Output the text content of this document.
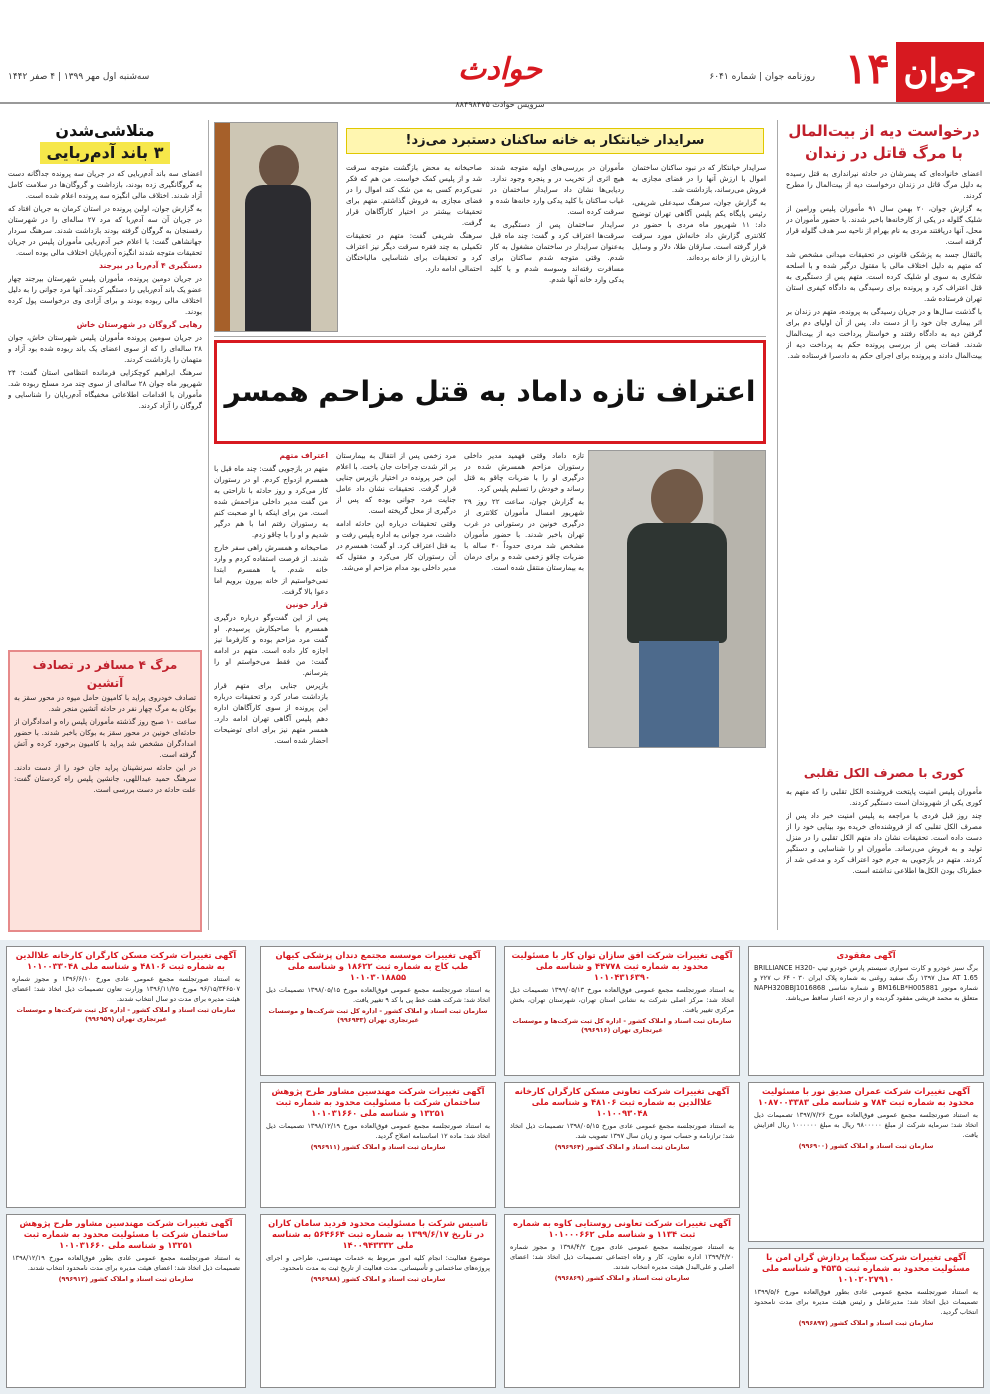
جوان
۱۴
روزنامه جوان | شماره ۶۰۴۱
حوادث
سرویس حوادث ۸۸۴۹۸۴۷۵
سه‌شنبه اول مهر ۱۳۹۹ | ۴ صفر ۱۴۴۲
درخواست دیه از بیت‌المال با مرگ قاتل در زندان

اعضای خانواده‌ای که پسرشان در حادثه نیرانداری به قتل رسیده به دلیل مرگ قاتل در زندان درخواست دیه از بیت‌المال را مطرح کردند.

به گزارش جوان، ۲۰ بهمن سال ۹۱ مأموران پلیس ورامین از شلیک گلوله در یکی از کارخانه‌ها باخبر شدند. با حضور مأموران در محل، آنها دریافتند مردی به نام بهرام از ناحیه سر هدف گلوله قرار گرفته است.

بالتقال جسد به پزشکی قانونی در تحقیقات میدانی مشخص شد که متهم به دلیل اختلاف مالی با مقتول درگیر شده و با اسلحه شکاری به سوی او شلیک کرده است. متهم پس از دستگیری به قتل اعتراف کرد و پرونده برای رسیدگی به دادگاه کیفری استان تهران فرستاده شد.

با گذشت سال‌ها و در جریان رسیدگی به پرونده، متهم در زندان بر اثر بیماری جان خود را از دست داد. پس از آن اولیای دم برای گرفتن دیه به دادگاه رفتند و خواستار پرداخت دیه از بیت‌المال شدند. قضات پس از بررسی پرونده حکم به پرداخت دیه از بیت‌المال دادند و پرونده برای اجرای حکم به دادسرا فرستاده شد.

کوری با مصرف الکل تقلبی

مأموران پلیس امنیت پایتخت فروشنده الکل تقلبی را که متهم به کوری یکی از شهروندان است دستگیر کردند.

چند روز قبل فردی با مراجعه به پلیس امنیت خبر داد پس از مصرف الکل تقلبی که از فروشنده‌ای خریده بود بینایی خود را از دست داده است. تحقیقات نشان داد متهم الکل تقلبی را در منزل تولید و به فروش می‌رساند. مأموران او را شناسایی و دستگیر کردند. متهم در بازجویی به جرم خود اعتراف کرد و مدعی شد از خطرناک بودن الکل‌ها اطلاعی نداشته است.

سرایدار خیانتکار به خانه ساکنان دستبرد می‌زد!

سرایدار خیانتکار که در نبود ساکنان ساختمان اموال با ارزش آنها را در فضای مجازی به فروش می‌رساند، بازداشت شد.

به گزارش جوان، سرهنگ سیدعلی شریفی، رئیس پایگاه یکم پلیس آگاهی تهران توضیح داد: ۱۱ شهریور ماه مردی با حضور در کلانتری گزارش داد خانه‌اش مورد سرقت قرار گرفته است. سارقان طلا، دلار و وسایل با ارزش را از خانه برده‌اند.

مأموران در بررسی‌های اولیه متوجه شدند هیچ اثری از تخریب در و پنجره وجود ندارد. ردیابی‌ها نشان داد سرایدار ساختمان در غیاب ساکنان با کلید یدکی وارد خانه‌ها شده و سرقت کرده است.

سرایدار ساختمان پس از دستگیری به سرقت‌ها اعتراف کرد و گفت: چند ماه قبل به‌عنوان سرایدار در ساختمان مشغول به کار شدم. وقتی متوجه شدم ساکنان برای مسافرت رفته‌اند وسوسه شدم و با کلید یدکی وارد خانه آنها شدم.

صاحبخانه به محض بازگشت متوجه سرقت شد و از پلیس کمک خواست. من هم که فکر نمی‌کردم کسی به من شک کند اموال را در فضای مجازی به فروش گذاشتم. متهم برای تحقیقات بیشتر در اختیار کارآگاهان قرار گرفت.

سرهنگ شریفی گفت: متهم در تحقیقات تکمیلی به چند فقره سرقت دیگر نیز اعتراف کرد و تحقیقات برای شناسایی مالباختگان احتمالی ادامه دارد.

اعتراف تازه داماد به قتل مزاحم همسر

تازه داماد وقتی فهمید مدیر داخلی رستوران مزاحم همسرش شده در درگیری او را با ضربات چاقو به قتل رساند و خودش را تسلیم پلیس کرد.

به گزارش جوان، ساعت ۲۲ روز ۲۹ شهریور امسال مأموران کلانتری از درگیری خونین در رستورانی در غرب تهران باخبر شدند. با حضور مأموران مشخص شد مردی حدوداً ۴۰ ساله با ضربات چاقو زخمی شده و برای درمان به بیمارستان منتقل شده است.

مرد زخمی پس از انتقال به بیمارستان بر اثر شدت جراحات جان باخت. با اعلام این خبر پرونده در اختیار بازپرس جنایی قرار گرفت. تحقیقات نشان داد عامل جنایت مرد جوانی بوده که پس از درگیری از محل گریخته است.

وقتی تحقیقات درباره این حادثه ادامه داشت، مرد جوانی به اداره پلیس رفت و به قتل اعتراف کرد. او گفت: همسرم در آن رستوران کار می‌کرد و مقتول که مدیر داخلی بود مدام مزاحم او می‌شد.

اعتراف متهم

متهم در بازجویی گفت: چند ماه قبل با همسرم ازدواج کردم. او در رستوران کار می‌کرد و روز حادثه با ناراحتی به من گفت مدیر داخلی مزاحمش شده است. من برای اینکه با او صحبت کنم به رستوران رفتم اما با هم درگیر شدیم و او را با چاقو زدم.

صاحبخانه و همسرش راهی سفر خارج شدند. از فرصت استفاده کردم و وارد خانه شدم. با همسرم ابتدا نمی‌خواستیم از خانه بیرون برویم اما دعوا بالا گرفت.

قرار خونین

پس از این گفت‌وگو درباره درگیری همسرم با صاحبکارش پرسیدم. او گفت مرد مزاحم بوده و کارفرما نیز اجازه کار داده است. متهم در ادامه گفت: من فقط می‌خواستم او را بترسانم.

بازپرس جنایی برای متهم قرار بازداشت صادر کرد و تحقیقات درباره این پرونده از سوی کارآگاهان اداره دهم پلیس آگاهی تهران ادامه دارد. همسر متهم نیز برای ادای توضیحات احضار شده است.

متلاشی‌شدن
۳ باند آدم‌ربایی

اعضای سه باند آدم‌ربایی که در جریان سه پرونده جداگانه دست به گروگانگیری زده بودند، بازداشت و گروگان‌ها در سلامت کامل آزاد شدند. اختلاف مالی انگیزه سه پرونده اعلام شده است.

به گزارش جوان، اولین پرونده در استان کرمان به جریان افتاد که در جریان آن سه آدم‌ربا که مرد ۲۷ ساله‌ای را در شهرستان رفسنجان به گروگان گرفته بودند بازداشت شدند. سرهنگ سردار جهانشاهی گفت: با اعلام خبر آدم‌ربایی مأموران پلیس در جریان تحقیقات متوجه شدند انگیزه آدم‌ربایان اختلاف مالی بوده است.

دستگیری ۴ آدم‌ربا در بیرجند

در جریان دومین پرونده، مأموران پلیس شهرستان بیرجند چهار عضو یک باند آدم‌ربایی را دستگیر کردند. آنها مرد جوانی را به دلیل اختلاف مالی ربوده بودند و برای آزادی وی درخواست پول کرده بودند.

رهایی گروگان در شهرستان خاش

در جریان سومین پرونده مأموران پلیس شهرستان خاش، جوان ۲۸ ساله‌ای را که از سوی اعضای یک باند ربوده شده بود آزاد و متهمان را بازداشت کردند.

سرهنگ ابراهیم کوچکزایی فرمانده انتظامی استان گفت: ۲۴ شهریور ماه جوان ۲۸ ساله‌ای از سوی چند مرد مسلح ربوده شد. مأموران با اقدامات اطلاعاتی مخفیگاه آدم‌ربایان را شناسایی و گروگان را آزاد کردند.

مرگ ۴ مسافر در تصادف آتشین

تصادف خودروی پراید با کامیون حامل میوه در محور سقز به بوکان به مرگ چهار نفر در حادثه آتشین منجر شد.

ساعت ۱۰ صبح روز گذشته مأموران پلیس راه و امدادگران از حادثه‌ای خونین در محور سقز به بوکان باخبر شدند. با حضور امدادگران مشخص شد پراید با کامیون برخورد کرده و آتش گرفته است.

در این حادثه سرنشینان پراید جان خود را از دست دادند. سرهنگ حمید عبداللهی، جانشین پلیس راه کردستان گفت: علت حادثه در دست بررسی است.

آگهی مفقودی
برگ سبز خودرو و کارت سواری سیستم پارس خودرو تیپ BRILLIANCE H320-AT 1.65 مدل ۱۳۹۷ رنگ سفید روغنی به شماره پلاک ایران ۳۰ - ۶۴ ب ۲۲۷ و شماره موتور BM16LB*H005881 و شماره شاسی NAPH320BBJ1016868 متعلق به محمد قریشی مفقود گردیده و از درجه اعتبار ساقط می‌باشد.
آگهی تغییرات شرکت افق سازان توان کار با مسئولیت محدود به شماره ثبت ۴۴۷۷۸ و شناسه ملی ۱۰۱۰۴۳۱۶۳۹۰
به استناد صورتجلسه مجمع عمومی فوق‌العاده مورخ ۱۳۹۹/۰۵/۱۳ تصمیمات ذیل اتخاذ شد: مرکز اصلی شرکت به نشانی استان تهران، شهرستان تهران، بخش مرکزی تغییر یافت.
سازمان ثبت اسناد و املاک کشور - اداره کل ثبت شرکت‌ها و موسسات غیرتجاری تهران (۹۹۶۹۱۶)
آگهی تغییرات موسسه مجتمع دندان پزشکی کیهان طب کاج به شماره ثبت ۱۸۶۲۲ و شناسه ملی ۱۰۱۰۳۰۱۸۸۵۵
به استناد صورتجلسه مجمع عمومی فوق‌العاده مورخ ۱۳۹۸/۰۵/۱۵ تصمیمات ذیل اتخاذ شد: شرکت هفت خط پی با کد ۹ تغییر یافت.
سازمان ثبت اسناد و املاک کشور - اداره کل ثبت شرکت‌ها و موسسات غیرتجاری تهران (۹۹۶۹۴۳)
آگهی تغییرات شرکت مسکن کارگران کارخانه علاالدین به شماره ثبت ۴۸۱۰۶ و شناسه ملی ۱۰۱۰۰۳۳۰۴۸
به استناد صورتجلسه مجمع عمومی عادی مورخ ۱۳۹۶/۶/۱۰ و مجوز شماره ۹۶/۱۵/۳۴۶۵۰۷ مورخ ۱۳۹۶/۱۱/۲۵ وزارت تعاون تصمیمات ذیل اتخاذ شد: اعضای هیئت مدیره برای مدت دو سال انتخاب شدند.
سازمان ثبت اسناد و املاک کشور - اداره کل ثبت شرکت‌ها و موسسات غیرتجاری تهران (۹۹۶۹۵۹)
آگهی تغییرات شرکت عمران صدیق نور با مسئولیت محدود به شماره ثبت ۷۸۴ و شناسه ملی ۱۰۸۷۰۰۳۳۸۳
به استناد صورتجلسه مجمع عمومی فوق‌العاده مورخ ۱۳۹۷/۷/۲۶ تصمیمات ذیل اتخاذ شد: سرمایه شرکت از مبلغ ۹۸۰۰۰۰۰ ریال به مبلغ ۱۰۰۰۰۰۰ ریال افزایش یافت.
سازمان ثبت اسناد و املاک کشور (۹۹۶۹۰۰)
آگهی تغییرات شرکت تعاونی مسکن کارگران کارخانه علاالدین به شماره ثبت ۴۸۱۰۶ و شناسه ملی ۱۰۱۰۰۹۳۰۴۸
به استناد صورتجلسه مجمع عمومی عادی مورخ ۱۳۹۸/۰۵/۱۵ تصمیمات ذیل اتخاذ شد: ترازنامه و حساب سود و زیان سال ۱۳۹۷ تصویب شد.
سازمان ثبت اسناد و املاک کشور (۹۹۶۹۶۴)
آگهی تغییرات شرکت مهندسین مشاور طرح پژوهش ساختمان شرکت با مسئولیت محدود به شماره ثبت ۱۳۲۵۱ و شناسه ملی ۱۰۱۰۳۱۶۶۰
به استناد صورتجلسه مجمع عمومی فوق‌العاده مورخ ۱۳۹۸/۱۲/۱۹ تصمیمات ذیل اتخاذ شد: ماده ۱۲ اساسنامه اصلاح گردید.
سازمان ثبت اسناد و املاک کشور (۹۹۶۹۱۱)
آگهی تغییرات شرکت تعاونی روستایی کاوه به شماره ثبت ۱۱۳۴ و شناسه ملی ۱۰۱۰۰۰۶۶۲
به استناد صورتجلسه مجمع عمومی عادی مورخ ۱۳۹۸/۴/۲ و مجوز شماره ۱۳۹۹/۴/۲۰ اداره تعاون، کار و رفاه اجتماعی تصمیمات ذیل اتخاذ شد: اعضای اصلی و علی‌البدل هیئت مدیره انتخاب شدند.
سازمان ثبت اسناد و املاک کشور (۹۹۶۸۶۹)
تاسیس شرکت با مسئولیت محدود فردید سامان کاران در تاریخ ۱۳۹۹/۶/۱۷ به شماره ثبت ۵۶۴۶۶۴ به شناسه ملی ۱۴۰۰۹۴۳۳۳۲
موضوع فعالیت: انجام کلیه امور مربوط به خدمات مهندسی، طراحی و اجرای پروژه‌های ساختمانی و تأسیساتی. مدت فعالیت از تاریخ ثبت به مدت نامحدود.
سازمان ثبت اسناد و املاک کشور (۹۹۶۹۸۸)
آگهی تغییرات شرکت مهندسین مشاور طرح پژوهش ساختمان شرکت با مسئولیت محدود به شماره ثبت ۱۳۲۵۱ و شناسه ملی ۱۰۱۰۳۱۶۶۰
به استناد صورتجلسه مجمع عمومی عادی بطور فوق‌العاده مورخ ۱۳۹۸/۱۲/۱۹ تصمیمات ذیل اتخاذ شد: اعضای هیئت مدیره برای مدت نامحدود انتخاب شدند.
سازمان ثبت اسناد و املاک کشور (۹۹۶۹۱۲)
آگهی تغییرات شرکت سیگما پردازش گران امن با مسئولیت محدود به شماره ثبت ۴۵۳۵ و شناسه ملی ۱۰۱۰۲۰۲۷۹۱۰
به استناد صورتجلسه مجمع عمومی عادی بطور فوق‌العاده مورخ ۱۳۹۹/۵/۶ تصمیمات ذیل اتخاذ شد: مدیرعامل و رئیس هیئت مدیره برای مدت نامحدود انتخاب گردید.
سازمان ثبت اسناد و املاک کشور (۹۹۶۸۹۷)
